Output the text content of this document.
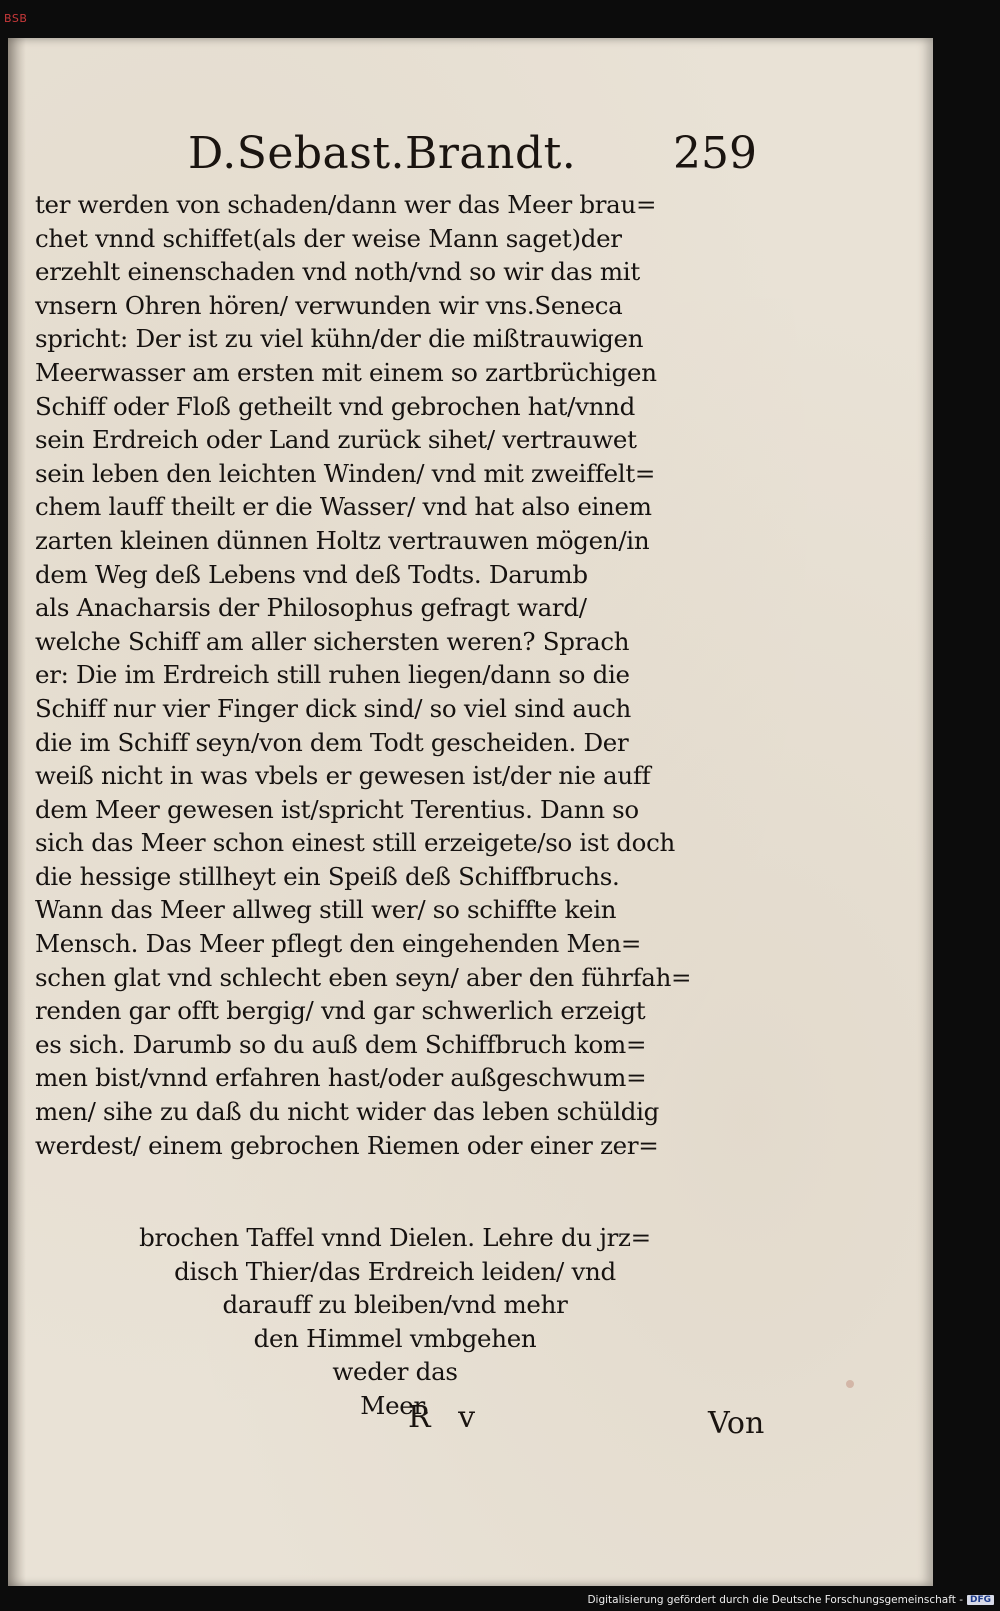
BSB
D.Sebast.Brandt. 259
ter werden von schaden/dann wer das Meer brau=
chet vnnd schiffet(als der weise Mann saget)der
erzehlt einenschaden vnd noth/vnd so wir das mit
vnsern Ohren hören/ verwunden wir vns.Seneca
spricht: Der ist zu viel kühn/der die mißtrauwigen
Meerwasser am ersten mit einem so zartbrüchigen
Schiff oder Floß getheilt vnd gebrochen hat/vnnd
sein Erdreich oder Land zurück sihet/ vertrauwet
sein leben den leichten Winden/ vnd mit zweiffelt=
chem lauff theilt er die Wasser/ vnd hat also einem
zarten kleinen dünnen Holtz vertrauwen mögen/in
dem Weg deß Lebens vnd deß Todts. Darumb
als Anacharsis der Philosophus gefragt ward/
welche Schiff am aller sichersten weren? Sprach
er: Die im Erdreich still ruhen liegen/dann so die
Schiff nur vier Finger dick sind/ so viel sind auch
die im Schiff seyn/von dem Todt gescheiden. Der
weiß nicht in was vbels er gewesen ist/der nie auff
dem Meer gewesen ist/spricht Terentius. Dann so
sich das Meer schon einest still erzeigete/so ist doch
die hessige stillheyt ein Speiß deß Schiffbruchs.
Wann das Meer allweg still wer/ so schiffte kein
Mensch. Das Meer pflegt den eingehenden Men=
schen glat vnd schlecht eben seyn/ aber den führfah=
renden gar offt bergig/ vnd gar schwerlich erzeigt
es sich. Darumb so du auß dem Schiffbruch kom=
men bist/vnnd erfahren hast/oder außgeschwum=
men/ sihe zu daß du nicht wider das leben schüldig
werdest/ einem gebrochen Riemen oder einer zer=
brochen Taffel vnnd Dielen. Lehre du jrz=
disch Thier/das Erdreich leiden/ vnd
darauff zu bleiben/vnd mehr
den Himmel vmbgehen
weder das
Meer.
R v	Von
Digitalisierung gefördert durch die Deutsche Forschungsgemeinschaft - DFG
